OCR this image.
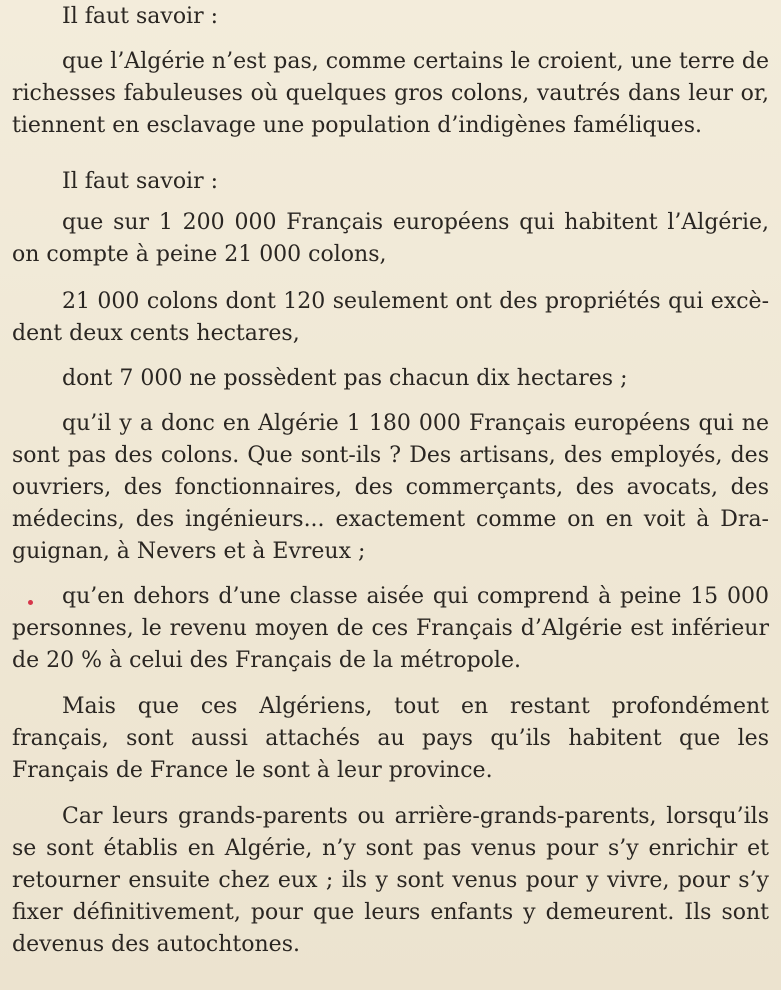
Il faut savoir :

que l’Algérie n’est pas, comme certains le croient, une terre de richesses fabuleuses où quelques gros colons, vautrés dans leur or, tiennent en esclavage une population d’indigènes faméliques.

Il faut savoir :

que sur 1 200 000 Français européens qui habitent l’Algérie, on compte à peine 21 000 colons,

21 000 colons dont 120 seulement ont des propriétés qui excè-dent deux cents hectares,

dont 7 000 ne possèdent pas chacun dix hectares ;

qu’il y a donc en Algérie 1 180 000 Français européens qui ne sont pas des colons. Que sont-ils ? Des artisans, des employés, des ouvriers, des fonctionnaires, des commerçants, des avocats, des médecins, des ingénieurs... exactement comme on en voit à Dra-guignan, à Nevers et à Evreux ;

qu’en dehors d’une classe aisée qui comprend à peine 15 000 personnes, le revenu moyen de ces Français d’Algérie est inférieur de 20 % à celui des Français de la métropole.

Mais que ces Algériens, tout en restant profondément français, sont aussi attachés au pays qu’ils habitent que les Français de France le sont à leur province.

Car leurs grands-parents ou arrière-grands-parents, lorsqu’ils se sont établis en Algérie, n’y sont pas venus pour s’y enrichir et retourner ensuite chez eux ; ils y sont venus pour y vivre, pour s’y fixer définitivement, pour que leurs enfants y demeurent. Ils sont devenus des autochtones.
